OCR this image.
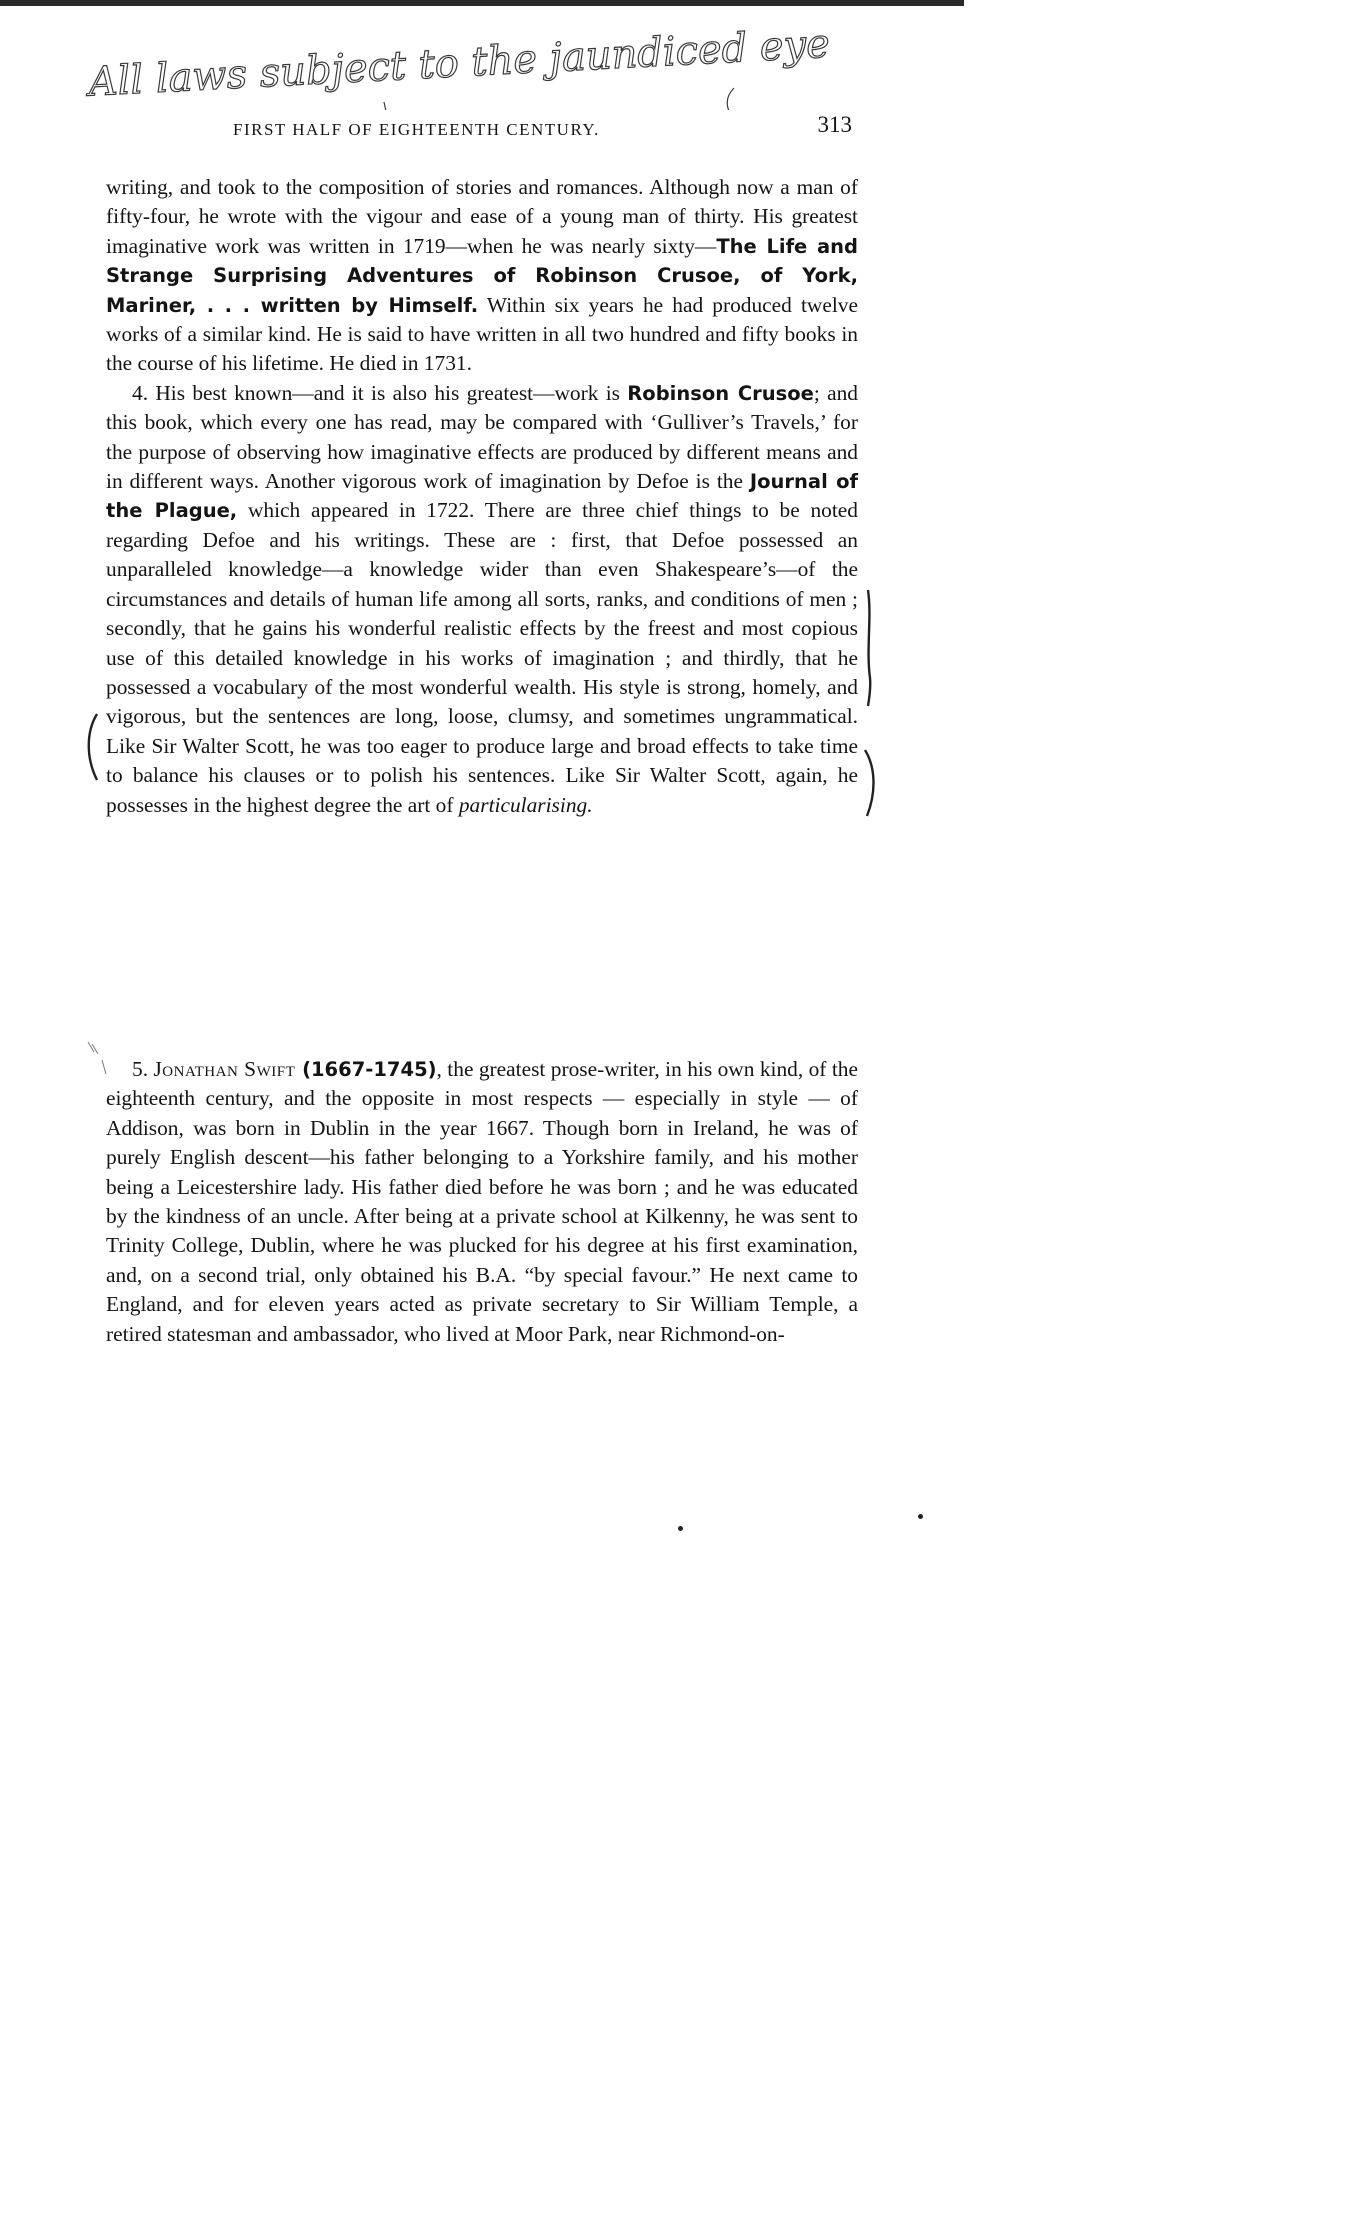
All laws subject to the jaundiced eye
FIRST HALF OF EIGHTEENTH CENTURY.	313

writing, and took to the composition of stories and romances. Although now a man of fifty-four, he wrote with the vigour and ease of a young man of thirty. His greatest imaginative work was written in 1719—when he was nearly sixty—The Life and Strange Surprising Adventures of Robinson Crusoe, of York, Mariner, . . . written by Himself. Within six years he had produced twelve works of a similar kind. He is said to have written in all two hundred and fifty books in the course of his lifetime. He died in 1731.

4. His best known—and it is also his greatest—work is Robinson Crusoe; and this book, which every one has read, may be compared with ‘Gulliver’s Travels,’ for the purpose of observing how imaginative effects are produced by different means and in different ways. Another vigorous work of imagination by Defoe is the Journal of the Plague, which appeared in 1722. There are three chief things to be noted regarding Defoe and his writings. These are : first, that Defoe possessed an unparalleled knowledge—a knowledge wider than even Shakespeare’s—of the circumstances and details of human life among all sorts, ranks, and conditions of men ; secondly, that he gains his wonderful realistic effects by the freest and most copious use of this detailed knowledge in his works of imagination ; and thirdly, that he possessed a vocabulary of the most wonderful wealth. His style is strong, homely, and vigorous, but the sentences are long, loose, clumsy, and sometimes ungrammatical. Like Sir Walter Scott, he was too eager to produce large and broad effects to take time to balance his clauses or to polish his sentences. Like Sir Walter Scott, again, he possesses in the highest degree the art of particularising.

5. Jonathan Swift (1667-1745), the greatest prose-writer, in his own kind, of the eighteenth century, and the opposite in most respects — especially in style — of Addison, was born in Dublin in the year 1667. Though born in Ireland, he was of purely English descent—his father belonging to a Yorkshire family, and his mother being a Leicestershire lady. His father died before he was born ; and he was educated by the kindness of an uncle. After being at a private school at Kilkenny, he was sent to Trinity College, Dublin, where he was plucked for his degree at his first examination, and, on a second trial, only obtained his B.A. “by special favour.” He next came to England, and for eleven years acted as private secretary to Sir William Temple, a retired statesman and ambassador, who lived at Moor Park, near Richmond-on-
